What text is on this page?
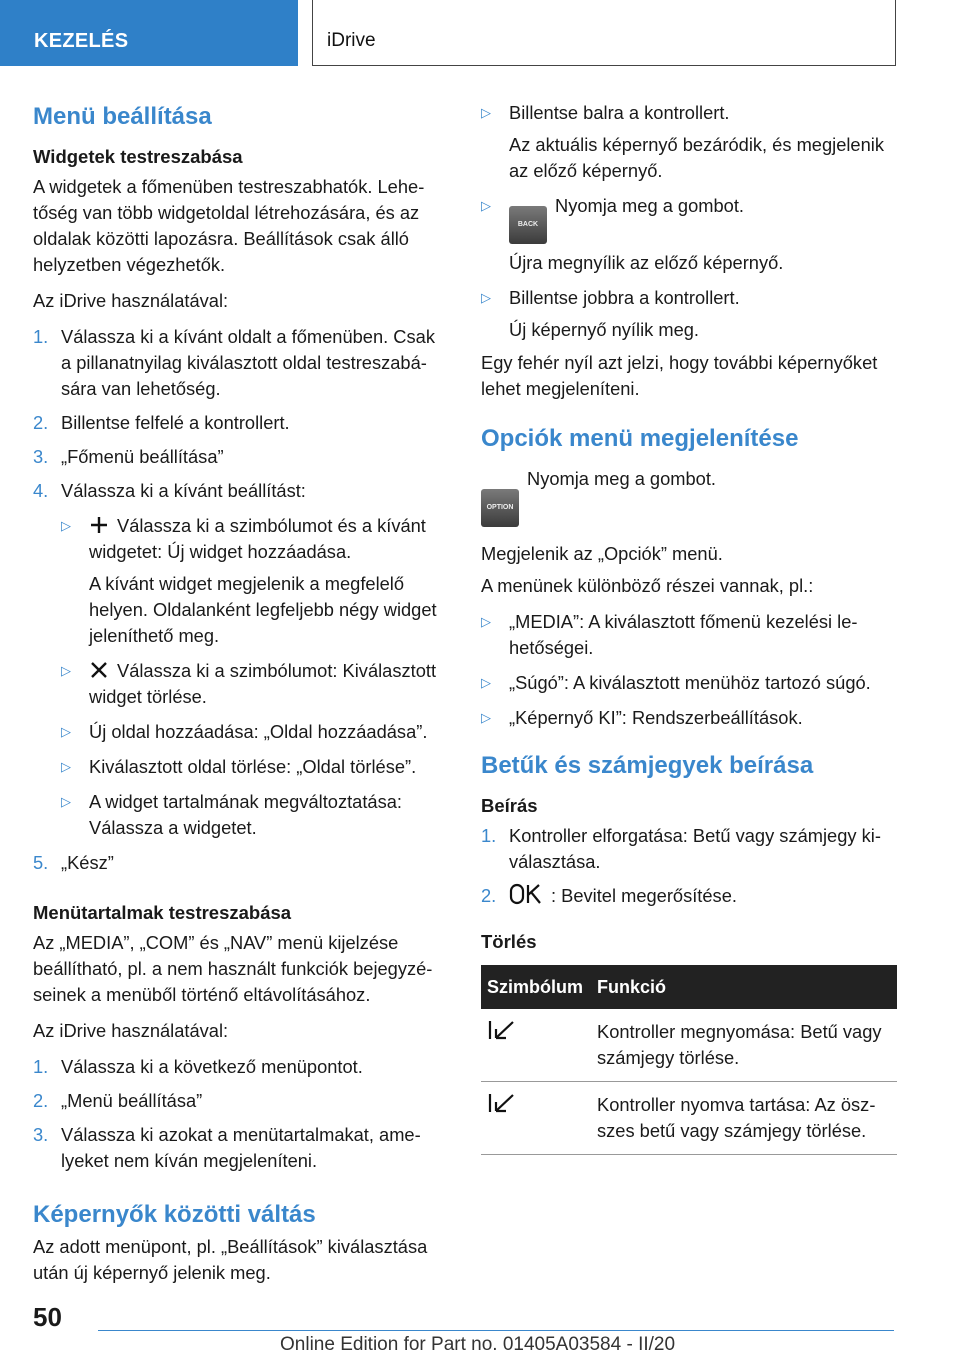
KEZELÉS	iDrive
Menü beállítása
Widgetek testreszabása

A widgetek a főmenüben testreszabhatók. Lehetőség van több widgetoldal létrehozására, és az oldalak közötti lapozásra. Beállítások csak álló helyzetben végezhetők.

Az iDrive használatával:

1. Válassza ki a kívánt oldalt a főmenüben. Csak a pillanatnyilag kiválasztott oldal testreszabására van lehetőség.
2. Billentse felfelé a kontrollert.
3. „Főmenü beállítása”
4. Válassza ki a kívánt beállítást:
▷	Válassza ki a szimbólumot és a kívánt widgetet: Új widget hozzáadása.
A kívánt widget megjelenik a megfelelő helyen. Oldalanként legfeljebb négy widget jeleníthető meg.
▷	Válassza ki a szimbólumot: Kiválasztott widget törlése.
▷ Új oldal hozzáadása: „Oldal hozzáadása”.
▷ Kiválasztott oldal törlése: „Oldal törlése”.
▷ A widget tartalmának megváltoztatása: Válassza a widgetet.
5. „Kész”
Menütartalmak testreszabása

Az „MEDIA”, „COM” és „NAV” menü kijelzése beállítható, pl. a nem használt funkciók bejegyzéseinek a menüből történő eltávolításához.

Az iDrive használatával:

1. Válassza ki a következő menüpontot.
2. „Menü beállítása”
3. Válassza ki azokat a menütartalmakat, amelyeket nem kíván megjeleníteni.
Képernyők közötti váltás

Az adott menüpont, pl. „Beállítások” kiválasztása után új képernyő jelenik meg.

▷ Billentse balra a kontrollert.
Az aktuális képernyő bezáródik, és megjelenik az előző képernyő.
▷
BACKNyomja meg a gombot.
Újra megnyílik az előző képernyő.
▷ Billentse jobbra a kontrollert.
Új képernyő nyílik meg.

Egy fehér nyíl azt jelzi, hogy további képernyőket lehet megjeleníteni.

Opciók menü megjelenítése

OPTIONNyomja meg a gombot.

Megjelenik az „Opciók” menü.

A menünek különböző részei vannak, pl.:

▷ „MEDIA”: A kiválasztott főmenü kezelési lehetőségei.
▷ „Súgó”: A kiválasztott menühöz tartozó súgó.
▷ „Képernyő KI”: Rendszerbeállítások.
Betűk és számjegyek beírása
Beírás
1. Kontroller elforgatása: Betű vagy számjegy kiválasztása.
2.	: Bevitel megerősítése.
Törlés
Szimbólum	Funkció
	Kontroller megnyomása: Betű vagy számjegy törlése.
	Kontroller nyomva tartása: Az öszszes betű vagy számjegy törlése.
50
Online Edition for Part no. 01405A03584 - II/20
